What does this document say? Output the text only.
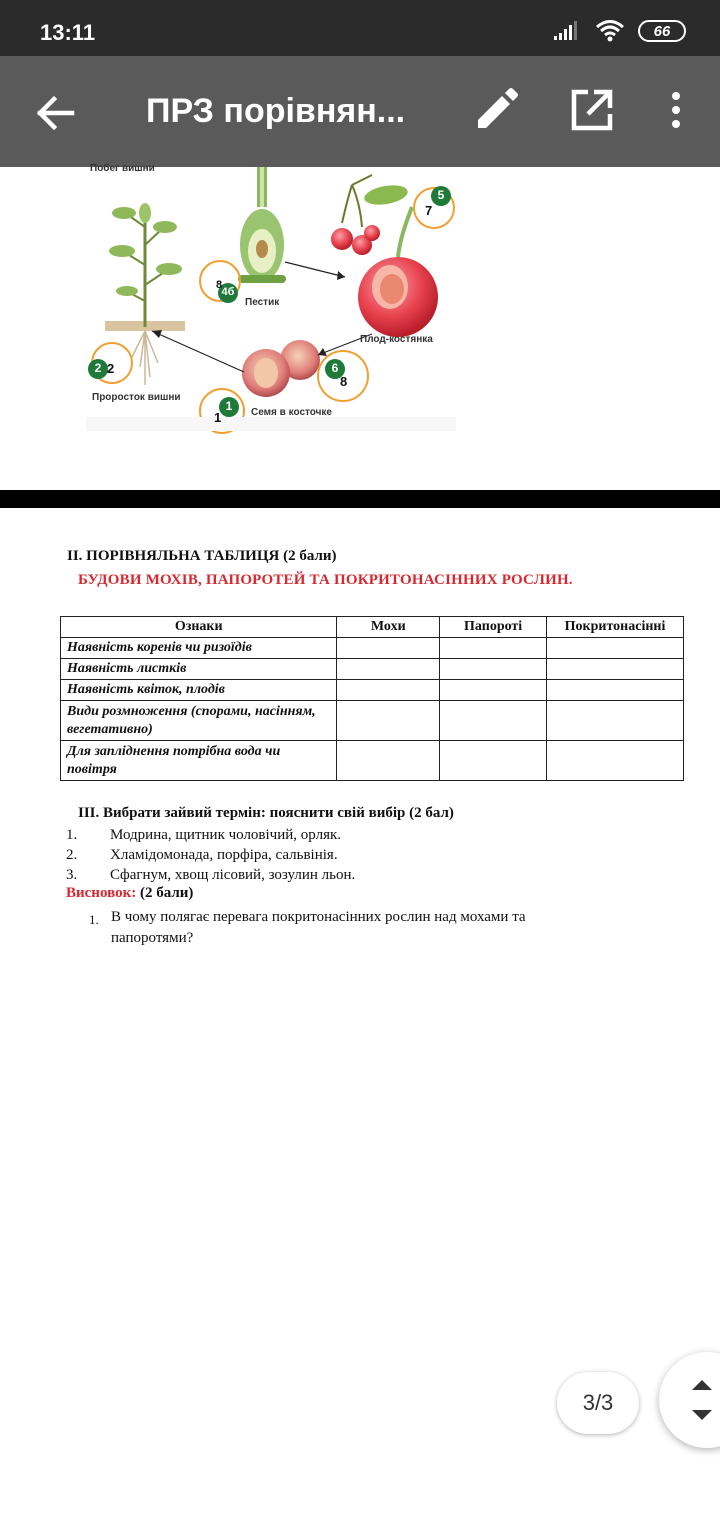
13:11	66
ПРЗ порівнян...
Побег вишни
Пестик
Плод-костянка
Проросток вишни
Семя в косточке
5
7
4б
8
2 2	6
8
1
1
II. ПОРІВНЯЛЬНА ТАБЛИЦЯ (2 бали)
БУДОВИ МОХІВ, ПАПОРОТЕЙ ТА ПОКРИТОНАСІННИХ РОСЛИН.
Ознаки	Мохи	Папороті	Покритонасінні
Наявність коренів чи ризоїдів			
Наявність листків			
Наявність квіток, плодів			
Види розмноження (спорами, насінням, вегетативно)			
Для запліднення потрібна вода чи повітря			
III. Вибрати зайвий термін: пояснити свій вибір (2 бал)
1. Модрина, щитник чоловічий, орляк.
2. Хламідомонада, порфіра, сальвінія.
3. Сфагнум, хвощ лісовий, зозулин льон.
Висновок: (2 бали)
1. В чому полягає перевага покритонасінних рослин над мохами та папоротями?
3/3
